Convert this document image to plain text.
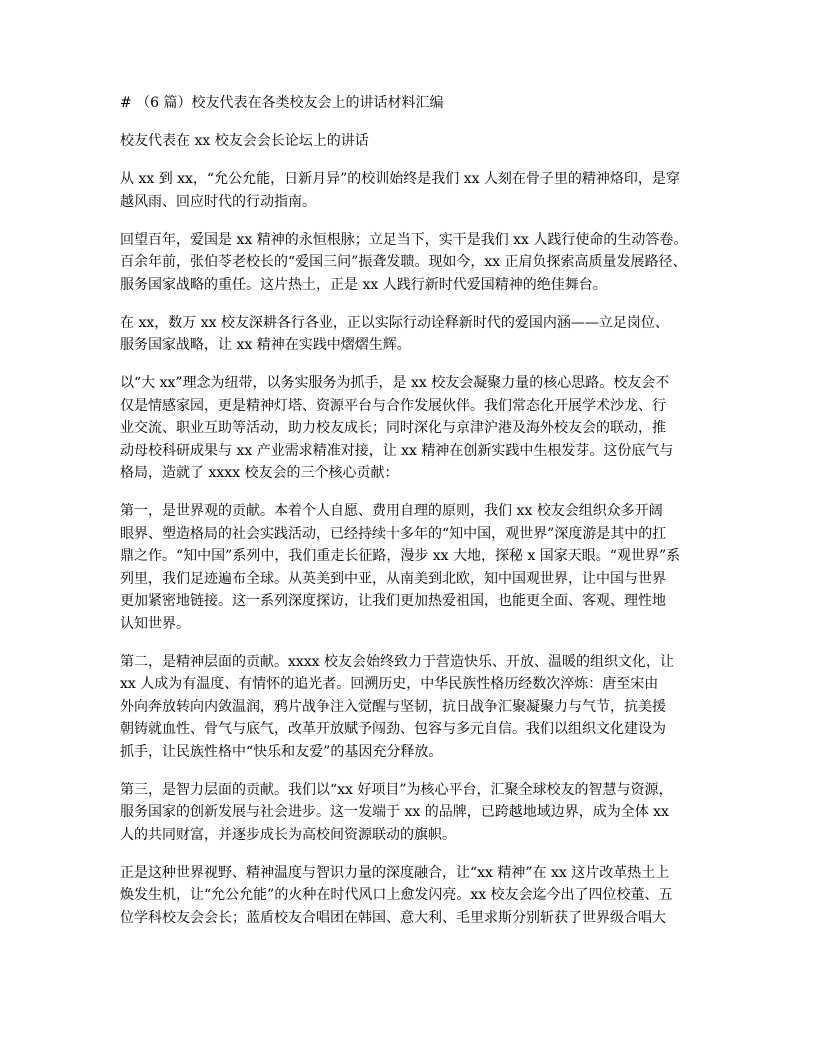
# （6 篇）校友代表在各类校友会上的讲话材料汇编
校友代表在 xx 校友会会长论坛上的讲话
从 xx 到 xx，“允公允能，日新月异”的校训始终是我们 xx 人刻在骨子里的精神烙印，是穿
越风雨、回应时代的行动指南。
回望百年，爱国是 xx 精神的永恒根脉；立足当下，实干是我们 xx 人践行使命的生动答卷。
百余年前，张伯苓老校长的“爱国三问”振聋发聩。现如今，xx 正肩负探索高质量发展路径、
服务国家战略的重任。这片热土，正是 xx 人践行新时代爱国精神的绝佳舞台。
在 xx，数万 xx 校友深耕各行各业，正以实际行动诠释新时代的爱国内涵——立足岗位、
服务国家战略，让 xx 精神在实践中熠熠生辉。
以“大 xx”理念为纽带，以务实服务为抓手，是 xx 校友会凝聚力量的核心思路。校友会不
仅是情感家园，更是精神灯塔、资源平台与合作发展伙伴。我们常态化开展学术沙龙、行
业交流、职业互助等活动，助力校友成长；同时深化与京津沪港及海外校友会的联动，推
动母校科研成果与 xx 产业需求精准对接，让 xx 精神在创新实践中生根发芽。这份底气与
格局，造就了 xxxx 校友会的三个核心贡献：
第一，是世界观的贡献。本着个人自愿、费用自理的原则，我们 xx 校友会组织众多开阔
眼界、塑造格局的社会实践活动，已经持续十多年的“知中国，观世界”深度游是其中的扛
鼎之作。“知中国”系列中，我们重走长征路，漫步 xx 大地，探秘 x 国家天眼。“观世界”系
列里，我们足迹遍布全球。从英美到中亚，从南美到北欧，知中国观世界，让中国与世界
更加紧密地链接。这一系列深度探访，让我们更加热爱祖国，也能更全面、客观、理性地
认知世界。
第二，是精神层面的贡献。xxxx 校友会始终致力于营造快乐、开放、温暖的组织文化，让
xx 人成为有温度、有情怀的追光者。回溯历史，中华民族性格历经数次淬炼：唐至宋由
外向奔放转向内敛温润，鸦片战争注入觉醒与坚韧，抗日战争汇聚凝聚力与气节，抗美援
朝铸就血性、骨气与底气，改革开放赋予闯劲、包容与多元自信。我们以组织文化建设为
抓手，让民族性格中“快乐和友爱”的基因充分释放。
第三，是智力层面的贡献。我们以“xx 好项目”为核心平台，汇聚全球校友的智慧与资源，
服务国家的创新发展与社会进步。这一发端于 xx 的品牌，已跨越地域边界，成为全体 xx
人的共同财富，并逐步成长为高校间资源联动的旗帜。
正是这种世界视野、精神温度与智识力量的深度融合，让“xx 精神”在 xx 这片改革热土上
焕发生机，让“允公允能”的火种在时代风口上愈发闪亮。xx 校友会迄今出了四位校董、五
位学科校友会会长；蓝盾校友合唱团在韩国、意大利、毛里求斯分别斩获了世界级合唱大
